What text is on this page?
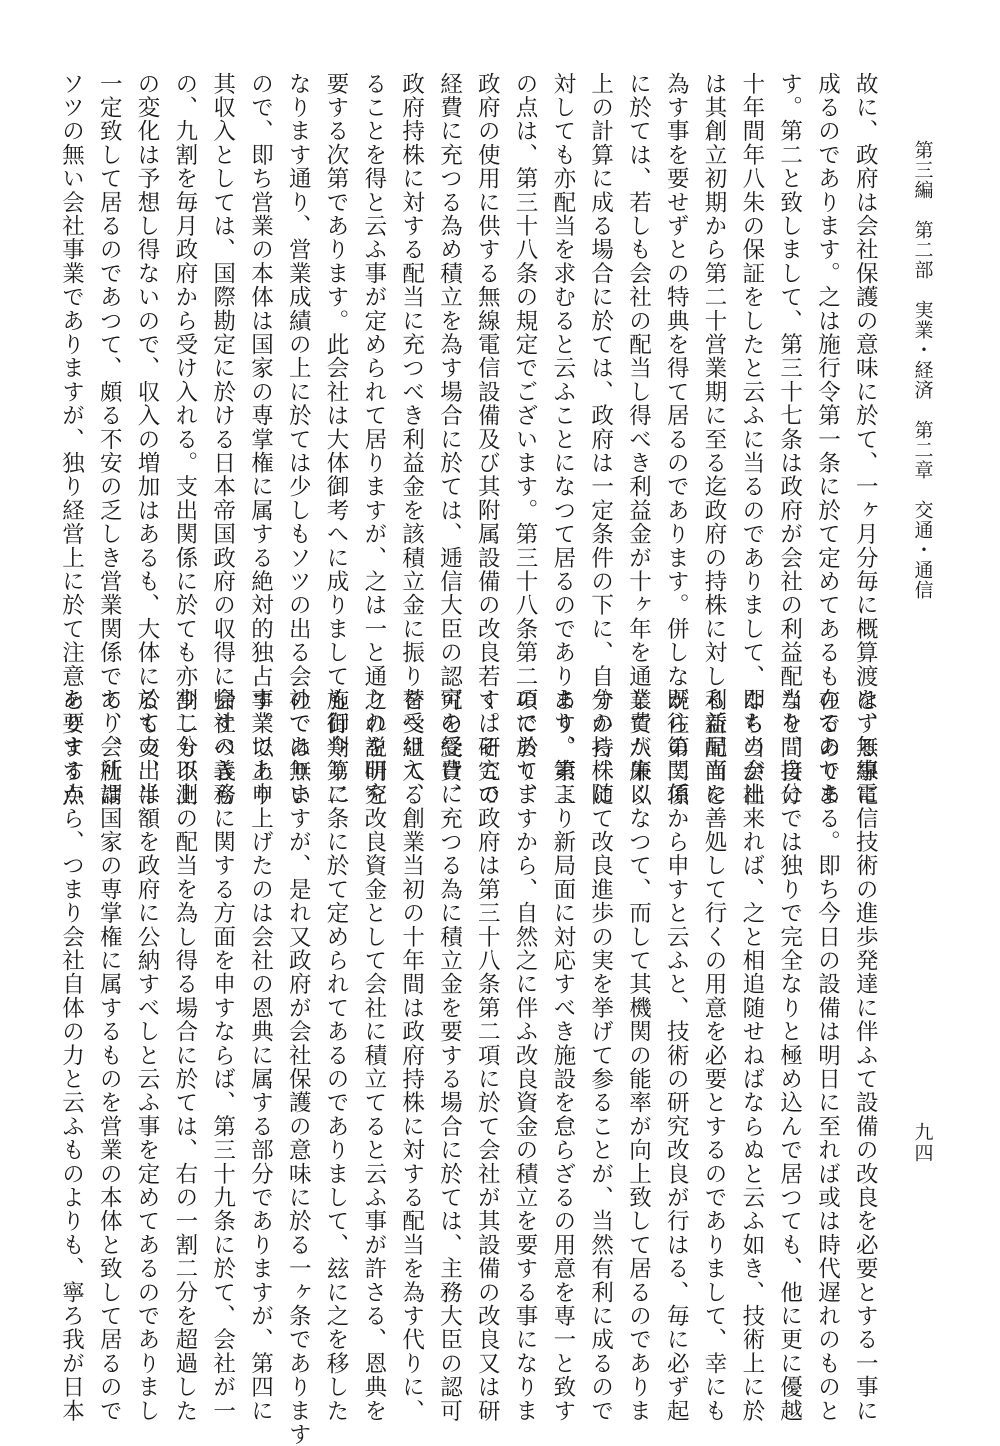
第三編　第二部　実業・経済　第二章　交通・通信
九四
故に、政府は会社保護の意味に於て、一ヶ月分毎に概算渡をする事に
成るのであります。之は施行令第一条に於て定めてあるものでありま
す。第二と致しまして、第三十七条は政府が会社の利益配当を間接に
十年間年八朱の保証をしたと云ふに当るのでありまして、即ち当会社
は其創立初期から第二十営業期に至る迄政府の持株に対し利益配当を
為す事を要せずとの特典を得て居るのであります。併しながら第二項
に於ては、若しも会社の配当し得べき利益金が十ヶ年を通じて八朱以
上の計算に成る場合に於ては、政府は一定条件の下に、自分の持株に
対しても亦配当を求むると云ふことになつて居るのであります。第三
の点は、第三十八条の規定でございます。第三十八条第二項に於て、
政府の使用に供する無線電信設備及び其附属設備の改良若くは研究の
経費に充つる為め積立を為す場合に於ては、逓信大臣の認可を受け、
政府持株に対する配当に充つべき利益金を該積立金に振り替へ組入る
ることを得と云ふ事が定められて居りますが、之は一と通りの説明を
要する次第であります。此会社は大体御考へに成りましても御判りに
なります通り、営業成績の上に於ては少しもソツの出る会社では無い
ので、即ち営業の本体は国家の専掌権に属する絶対的独占事業であり
其収入としては、国際勘定に於ける日本帝国政府の収得に帰すべきも
の、九割を毎月政府から受け入れる。支出関係に於ても亦少しも不測
の変化は予想し得ないので、収入の増加はあるも、大体に於て支出は
一定致して居るのであつて、頗る不安の乏しき営業関係であり、所謂
ソツの無い会社事業でありますが、独り経営上に於て注意を要する点
は、無線電信技術の進歩発達に伴ふて設備の改良を必要とする一事に
在るのである。即ち今日の設備は明日に至れば或は時代遅れのものと
なり、自分では独りで完全なりと極め込んで居つても、他に更に優越
なものが出来れば、之と相追随せねばならぬと云ふ如き、技術上に於
る新局面に善処して行くの用意を必要とするのでありまして、幸にも
既往の関係から申すと云ふと、技術の研究改良が行はる、毎に必ず起
業費が廉くなつて、而して其機関の能率が向上致して居るのでありま
すから、随て改良進歩の実を挙げて参ることが、当然有利に成るので
あり、素より新局面に対応すべき施設を怠らざるの用意を専一と致す
のでありますから、自然之に伴ふ改良資金の積立を要する事になりま
す。そこで政府は第三十八条第二項に於て会社が其設備の改良又は研
究の経費に充つる為に積立金を要する場合に於ては、主務大臣の認可
を受けて、創業当初の十年間は政府持株に対する配当を為す代りに、
之れを研究改良資金として会社に積立てると云ふ事が許さる、恩典を
施行令第二条に於て定められてあるのでありまして、玆に之を移した
のでありますが、是れ又政府が会社保護の意味に於る一ヶ条であります
す。以上申上げたのは会社の恩典に属する部分でありますが、第四に
会社の義務に関する方面を申すならば、第三十九条に於て、会社が一
割二分以上の配当を為し得る場合に於ては、右の一割二分を超過した
るもの、半額を政府に公納すべしと云ふ事を定めてあるのでありまし
て、会社は国家の専掌権に属するものを営業の本体と致して居るので
ありますから、つまり会社自体の力と云ふものよりも、寧ろ我が日本
